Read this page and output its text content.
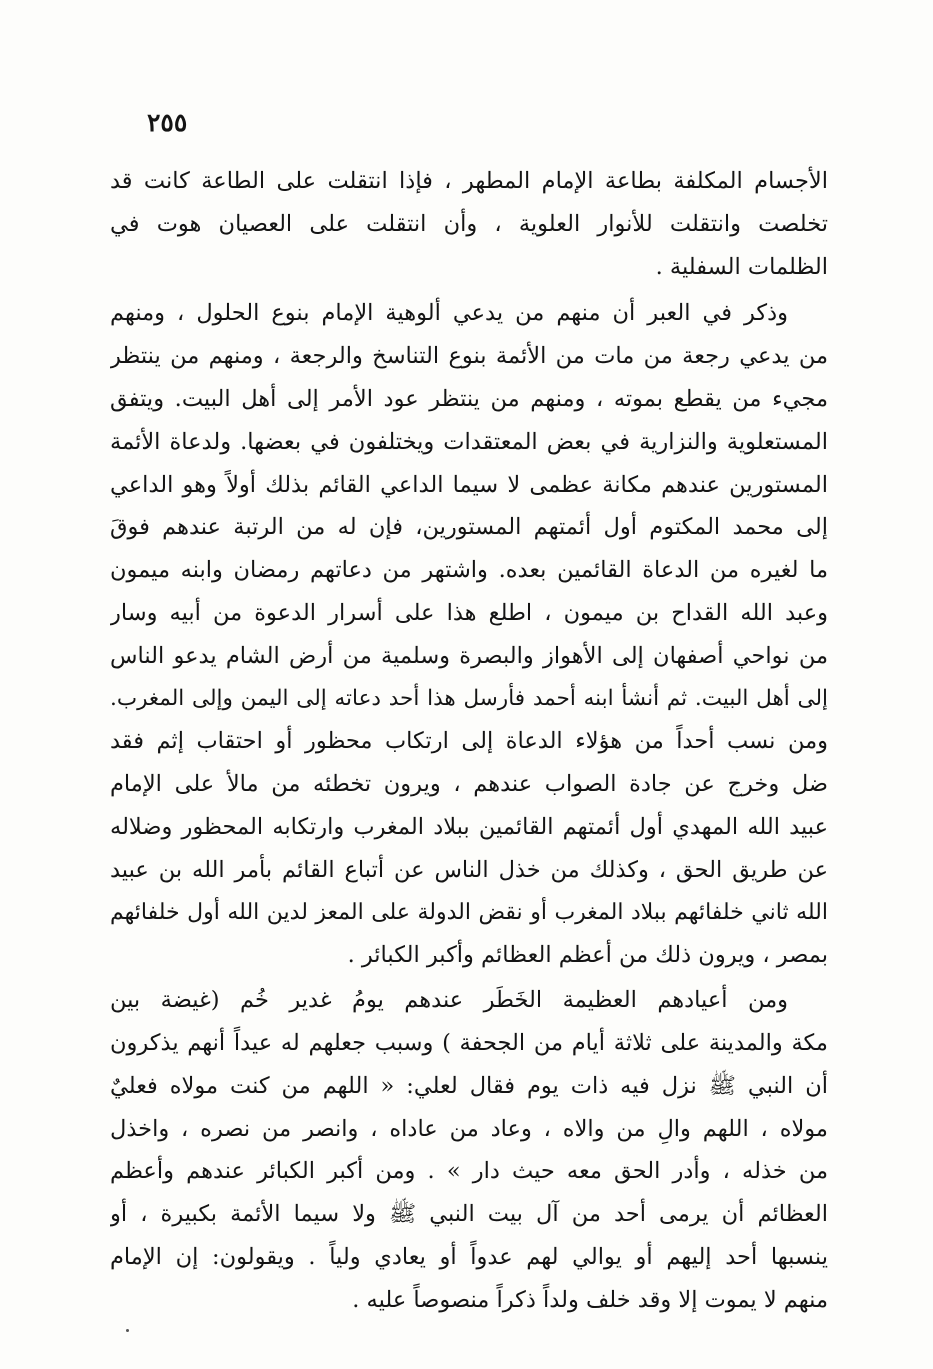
٢٥٥
الأجسام المكلفة بطاعة الإمام المطهر ، فإذا انتقلت على الطاعة كانت قد
تخلصت وانتقلت للأنوار العلوية ، وأن انتقلت على العصيان هوت في
الظلمات السفلية .
وذكر في العبر أن منهم من يدعي ألوهية الإمام بنوع الحلول ، ومنهم
من يدعي رجعة من مات من الأئمة بنوع التناسخ والرجعة ، ومنهم من ينتظر
مجيء من يقطع بموته ، ومنهم من ينتظر عود الأمر إلى أهل البيت. ويتفق
المستعلوية والنزارية في بعض المعتقدات ويختلفون في بعضها. ولدعاة الأئمة
المستورين عندهم مكانة عظمى لا سيما الداعي القائم بذلك أولاً وهو الداعي
إلى محمد المكتوم أول أئمتهم المستورين، فإن له من الرتبة عندهم فوقَ
ما لغيره من الدعاة القائمين بعده. واشتهر من دعاتهم رمضان وابنه ميمون
وعبد الله القداح بن ميمون ، اطلع هذا على أسرار الدعوة من أبيه وسار
من نواحي أصفهان إلى الأهواز والبصرة وسلمية من أرض الشام يدعو الناس
إلى أهل البيت. ثم أنشأ ابنه أحمد فأرسل هذا أحد دعاته إلى اليمن وإلى المغرب.
ومن نسب أحداً من هؤلاء الدعاة إلى ارتكاب محظور أو احتقاب إثم فقد
ضل وخرج عن جادة الصواب عندهم ، ويرون تخطئه من مالأ على الإمام
عبيد الله المهدي أول أئمتهم القائمين ببلاد المغرب وارتكابه المحظور وضلاله
عن طريق الحق ، وكذلك من خذل الناس عن أتباع القائم بأمر الله بن عبيد
الله ثاني خلفائهم ببلاد المغرب أو نقض الدولة على المعز لدين الله أول خلفائهم
بمصر ، ويرون ذلك من أعظم العظائم وأكبر الكبائر .
ومن أعيادهم العظيمة الخَطَر عندهم يومُ غدير خُم (غيضة بين
مكة والمدينة على ثلاثة أيام من الجحفة ) وسبب جعلهم له عيداً أنهم يذكرون
أن النبي ﷺ نزل فيه ذات يوم فقال لعلي: « اللهم من كنت مولاه فعليٌ
مولاه ، اللهم والِ من والاه ، وعاد من عاداه ، وانصر من نصره ، واخذل
من خذله ، وأدر الحق معه حيث دار » . ومن أكبر الكبائر عندهم وأعظم
العظائم أن يرمى أحد من آل بيت النبي ﷺ ولا سيما الأئمة بكبيرة ، أو
ينسبها أحد إليهم أو يوالي لهم عدواً أو يعادي ولياً . ويقولون: إن الإمام
منهم لا يموت إلا وقد خلف ولداً ذكراً منصوصاً عليه .
